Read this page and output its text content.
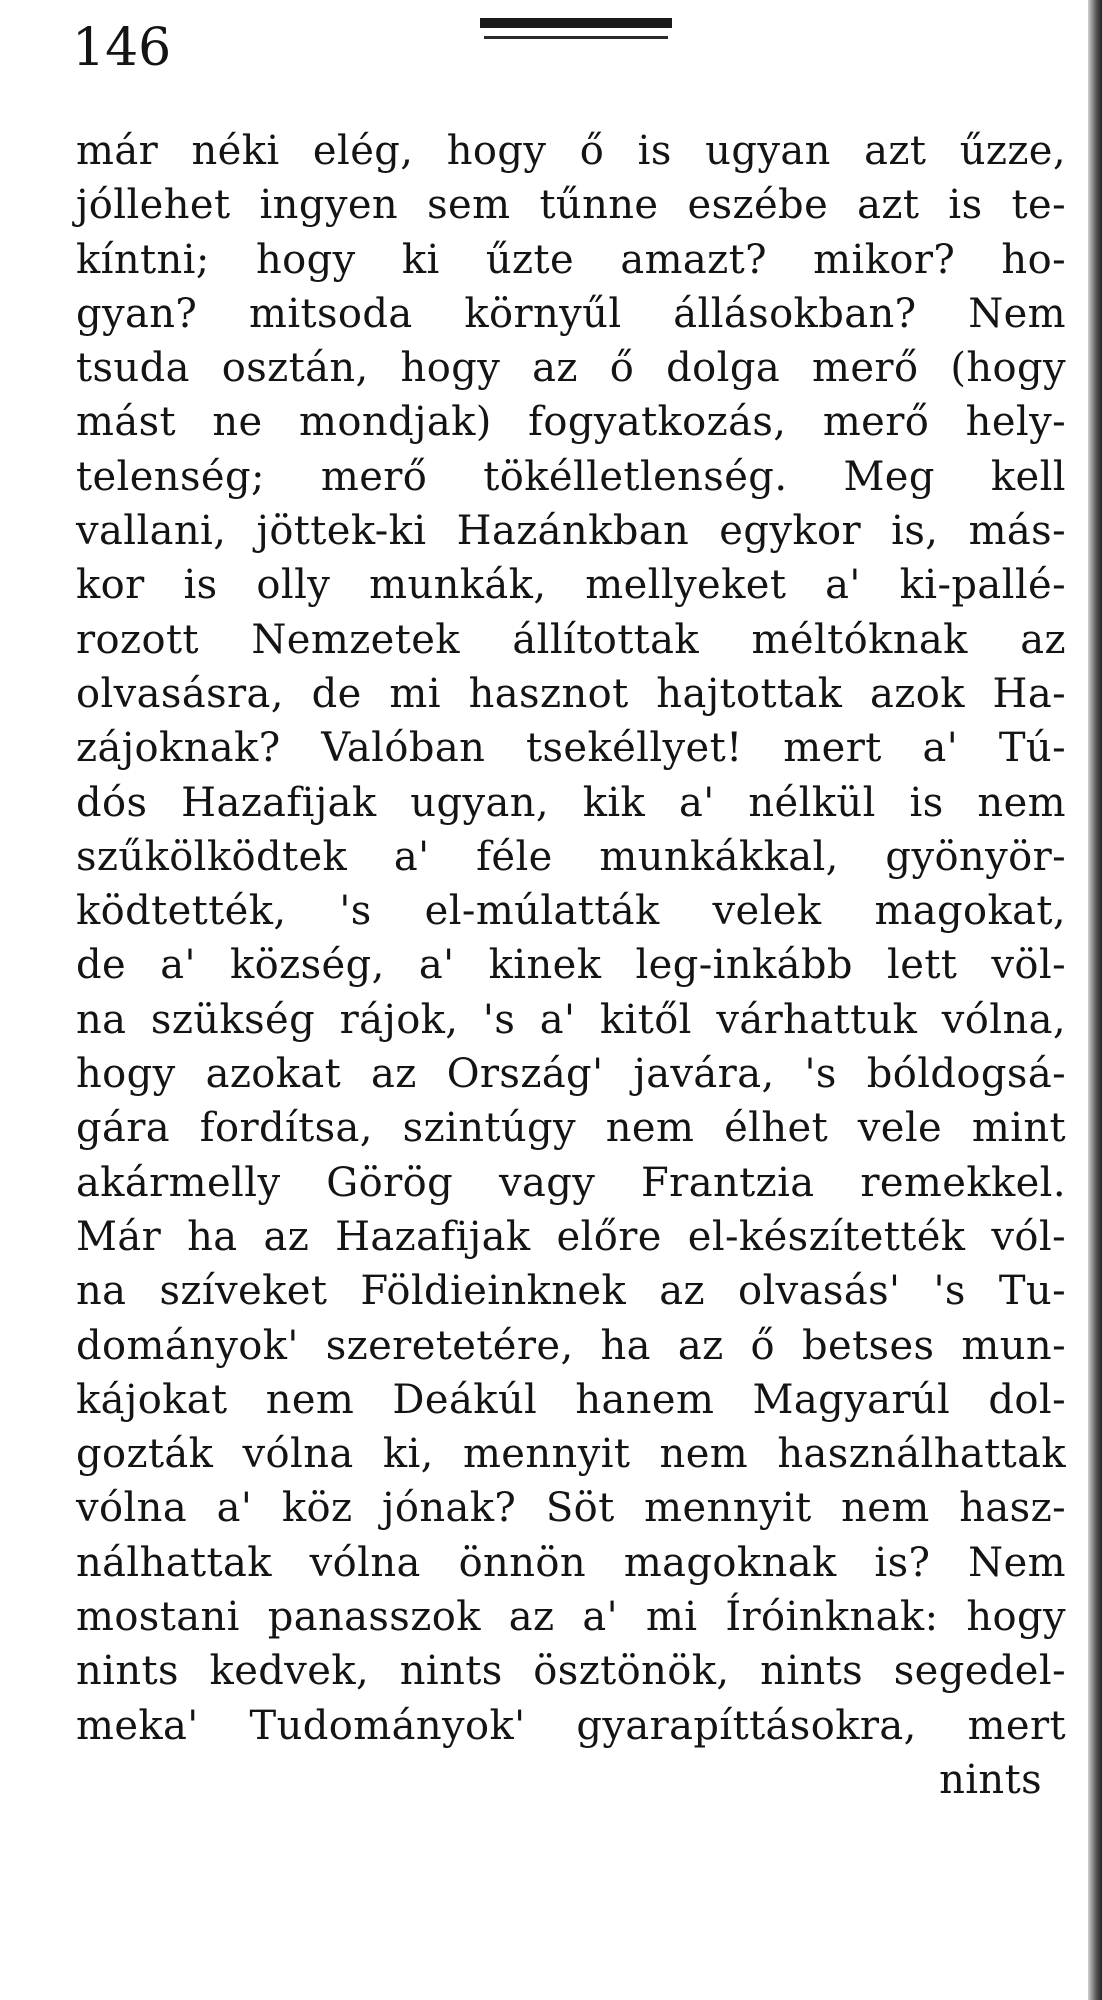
146
már néki elég, hogy ő is ugyan azt űzze,
jóllehet ingyen sem tűnne eszébe azt is te-
kíntni; hogy ki űzte amazt? mikor? ho-
gyan? mitsoda környűl állásokban? Nem
tsuda osztán, hogy az ő dolga merő (hogy
mást ne mondjak) fogyatkozás, merő hely-
telenség; merő tökélletlenség. Meg kell
vallani, jöttek-ki Hazánkban egykor is, más-
kor is olly munkák, mellyeket a' ki-pallé-
rozott Nemzetek állítottak méltóknak az
olvasásra, de mi hasznot hajtottak azok Ha-
zájoknak? Valóban tsekéllyet! mert a' Tú-
dós Hazafijak ugyan, kik a' nélkül is nem
szűkölködtek a' féle munkákkal, gyönyör-
ködtették, 's el-múlatták velek magokat,
de a' község, a' kinek leg-inkább lett völ-
na szükség rájok, 's a' kitől várhattuk vólna,
hogy azokat az Ország' javára, 's bóldogsá-
gára fordítsa, szintúgy nem élhet vele mint
akármelly Görög vagy Frantzia remekkel.
Már ha az Hazafijak előre el-készítették vól-
na szíveket Földieinknek az olvasás' 's Tu-
dományok' szeretetére, ha az ő betses mun-
kájokat nem Deákúl hanem Magyarúl dol-
gozták vólna ki, mennyit nem használhattak
vólna a' köz jónak? Söt mennyit nem hasz-
nálhattak vólna önnön magoknak is? Nem
mostani panasszok az a' mi Íróinknak: hogy
nints kedvek, nints ösztönök, nints segedel-
meka' Tudományok' gyarapíttásokra, mert
nints
